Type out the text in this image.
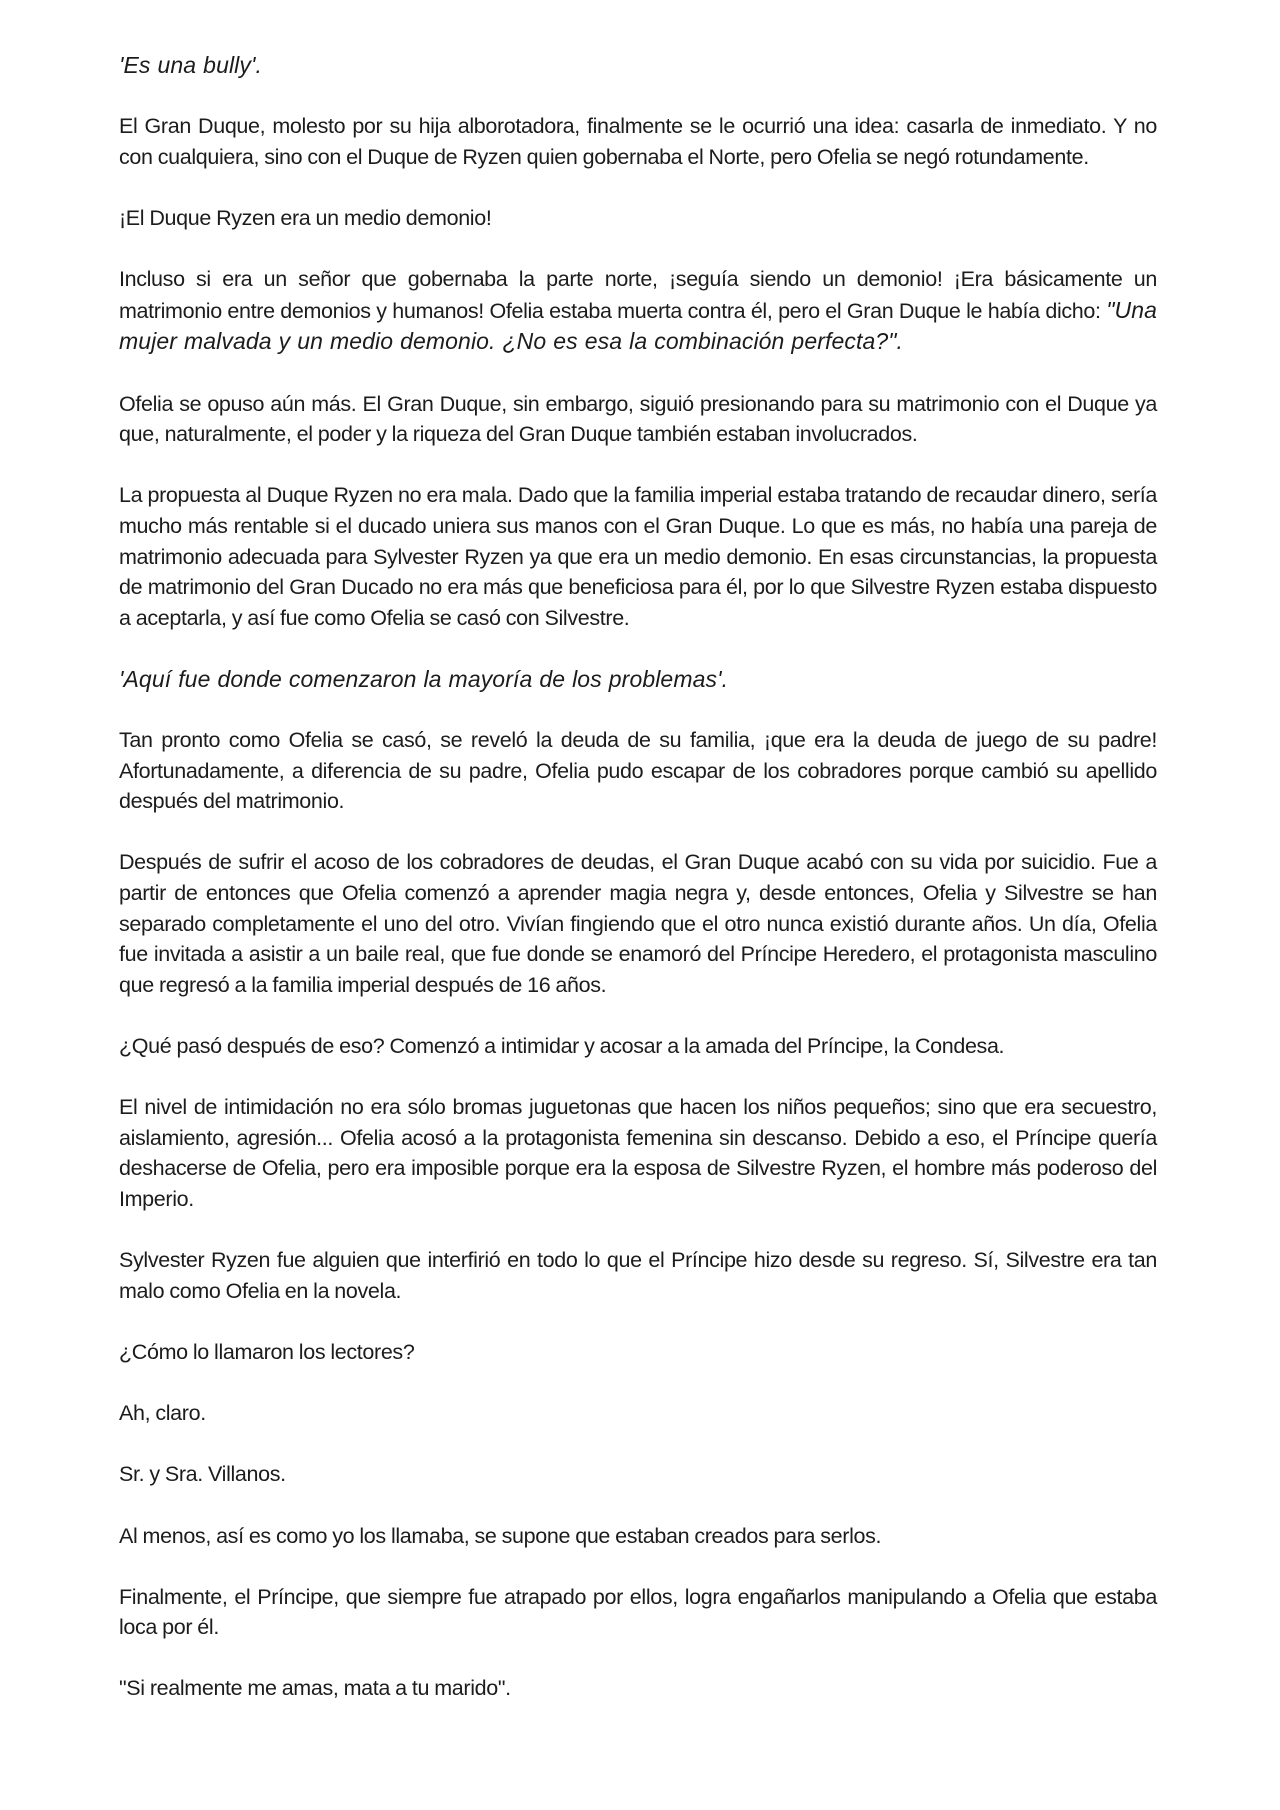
'Es una bully'.

El Gran Duque, molesto por su hija alborotadora, finalmente se le ocurrió una idea: casarla de inmediato. Y no con cualquiera, sino con el Duque de Ryzen quien gobernaba el Norte, pero Ofelia se negó rotundamente.

¡El Duque Ryzen era un medio demonio!

Incluso si era un señor que gobernaba la parte norte, ¡seguía siendo un demonio! ¡Era básicamente un matrimonio entre demonios y humanos! Ofelia estaba muerta contra él, pero el Gran Duque le había dicho: "Una mujer malvada y un medio demonio. ¿No es esa la combinación perfecta?".

Ofelia se opuso aún más. El Gran Duque, sin embargo, siguió presionando para su matrimonio con el Duque ya que, naturalmente, el poder y la riqueza del Gran Duque también estaban involucrados.

La propuesta al Duque Ryzen no era mala. Dado que la familia imperial estaba tratando de recaudar dinero, sería mucho más rentable si el ducado uniera sus manos con el Gran Duque. Lo que es más, no había una pareja de matrimonio adecuada para Sylvester Ryzen ya que era un medio demonio. En esas circunstancias, la propuesta de matrimonio del Gran Ducado no era más que beneficiosa para él, por lo que Silvestre Ryzen estaba dispuesto a aceptarla, y así fue como Ofelia se casó con Silvestre.

'Aquí fue donde comenzaron la mayoría de los problemas'.

Tan pronto como Ofelia se casó, se reveló la deuda de su familia, ¡que era la deuda de juego de su padre! Afortunadamente, a diferencia de su padre, Ofelia pudo escapar de los cobradores porque cambió su apellido después del matrimonio.

Después de sufrir el acoso de los cobradores de deudas, el Gran Duque acabó con su vida por suicidio. Fue a partir de entonces que Ofelia comenzó a aprender magia negra y, desde entonces, Ofelia y Silvestre se han separado completamente el uno del otro. Vivían fingiendo que el otro nunca existió durante años. Un día, Ofelia fue invitada a asistir a un baile real, que fue donde se enamoró del Príncipe Heredero, el protagonista masculino que regresó a la familia imperial después de 16 años.

¿Qué pasó después de eso? Comenzó a intimidar y acosar a la amada del Príncipe, la Condesa.

El nivel de intimidación no era sólo bromas juguetonas que hacen los niños pequeños; sino que era secuestro, aislamiento, agresión... Ofelia acosó a la protagonista femenina sin descanso. Debido a eso, el Príncipe quería deshacerse de Ofelia, pero era imposible porque era la esposa de Silvestre Ryzen, el hombre más poderoso del Imperio.

Sylvester Ryzen fue alguien que interfirió en todo lo que el Príncipe hizo desde su regreso. Sí, Silvestre era tan malo como Ofelia en la novela.

¿Cómo lo llamaron los lectores?

Ah, claro.

Sr. y Sra. Villanos.

Al menos, así es como yo los llamaba, se supone que estaban creados para serlos.

Finalmente, el Príncipe, que siempre fue atrapado por ellos, logra engañarlos manipulando a Ofelia que estaba loca por él.

"Si realmente me amas, mata a tu marido".
